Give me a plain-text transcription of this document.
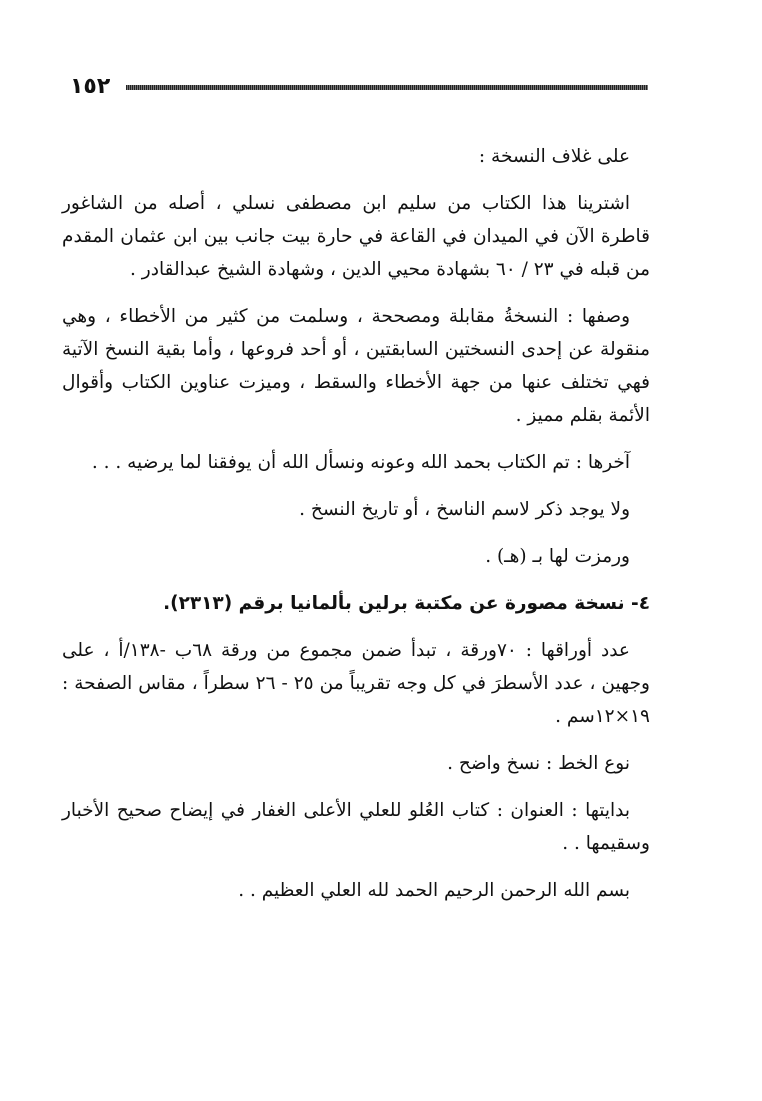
١٥٢

على غلاف النسخة :

اشترينا هذا الكتاب من سليم ابن مصطفى نسلي ، أصله من الشاغور قاطرة الآن في الميدان في القاعة في حارة بيت جانب بين ابن عثمان المقدم من قبله في ٢٣ / ٦٠ بشهادة محيي الدين ، وشهادة الشيخ عبدالقادر .

وصفها : النسخةُ مقابلة ومصححة ، وسلمت من كثير من الأخطاء ، وهي منقولة عن إحدى النسختين السابقتين ، أو أحد فروعها ، وأما بقية النسخ الآتية فهي تختلف عنها من جهة الأخطاء والسقط ، وميزت عناوين الكتاب وأقوال الأئمة بقلم مميز .

آخرها : تم الكتاب بحمد الله وعونه ونسأل الله أن يوفقنا لما يرضيه . . .

ولا يوجد ذكر لاسم الناسخ ، أو تاريخ النسخ .

ورمزت لها بـ (هـ) .

٤- نسخة مصورة عن مكتبة برلين بألمانيا برقم (٢٣١٣).

عدد أوراقها : ٧٠ورقة ، تبدأ ضمن مجموع من ورقة ٦٨ب -١٣٨/أ ، على وجهين ، عدد الأسطرَ في كل وجه تقريباً من ٢٥ - ٢٦ سطراً ، مقاس الصفحة : ١٩×١٢سم .

نوع الخط : نسخ واضح .

بدايتها : العنوان : كتاب العُلو للعلي الأعلى الغفار في إيضاح صحيح الأخبار وسقيمها . .

بسم الله الرحمن الرحيم الحمد لله العلي العظيم . .
